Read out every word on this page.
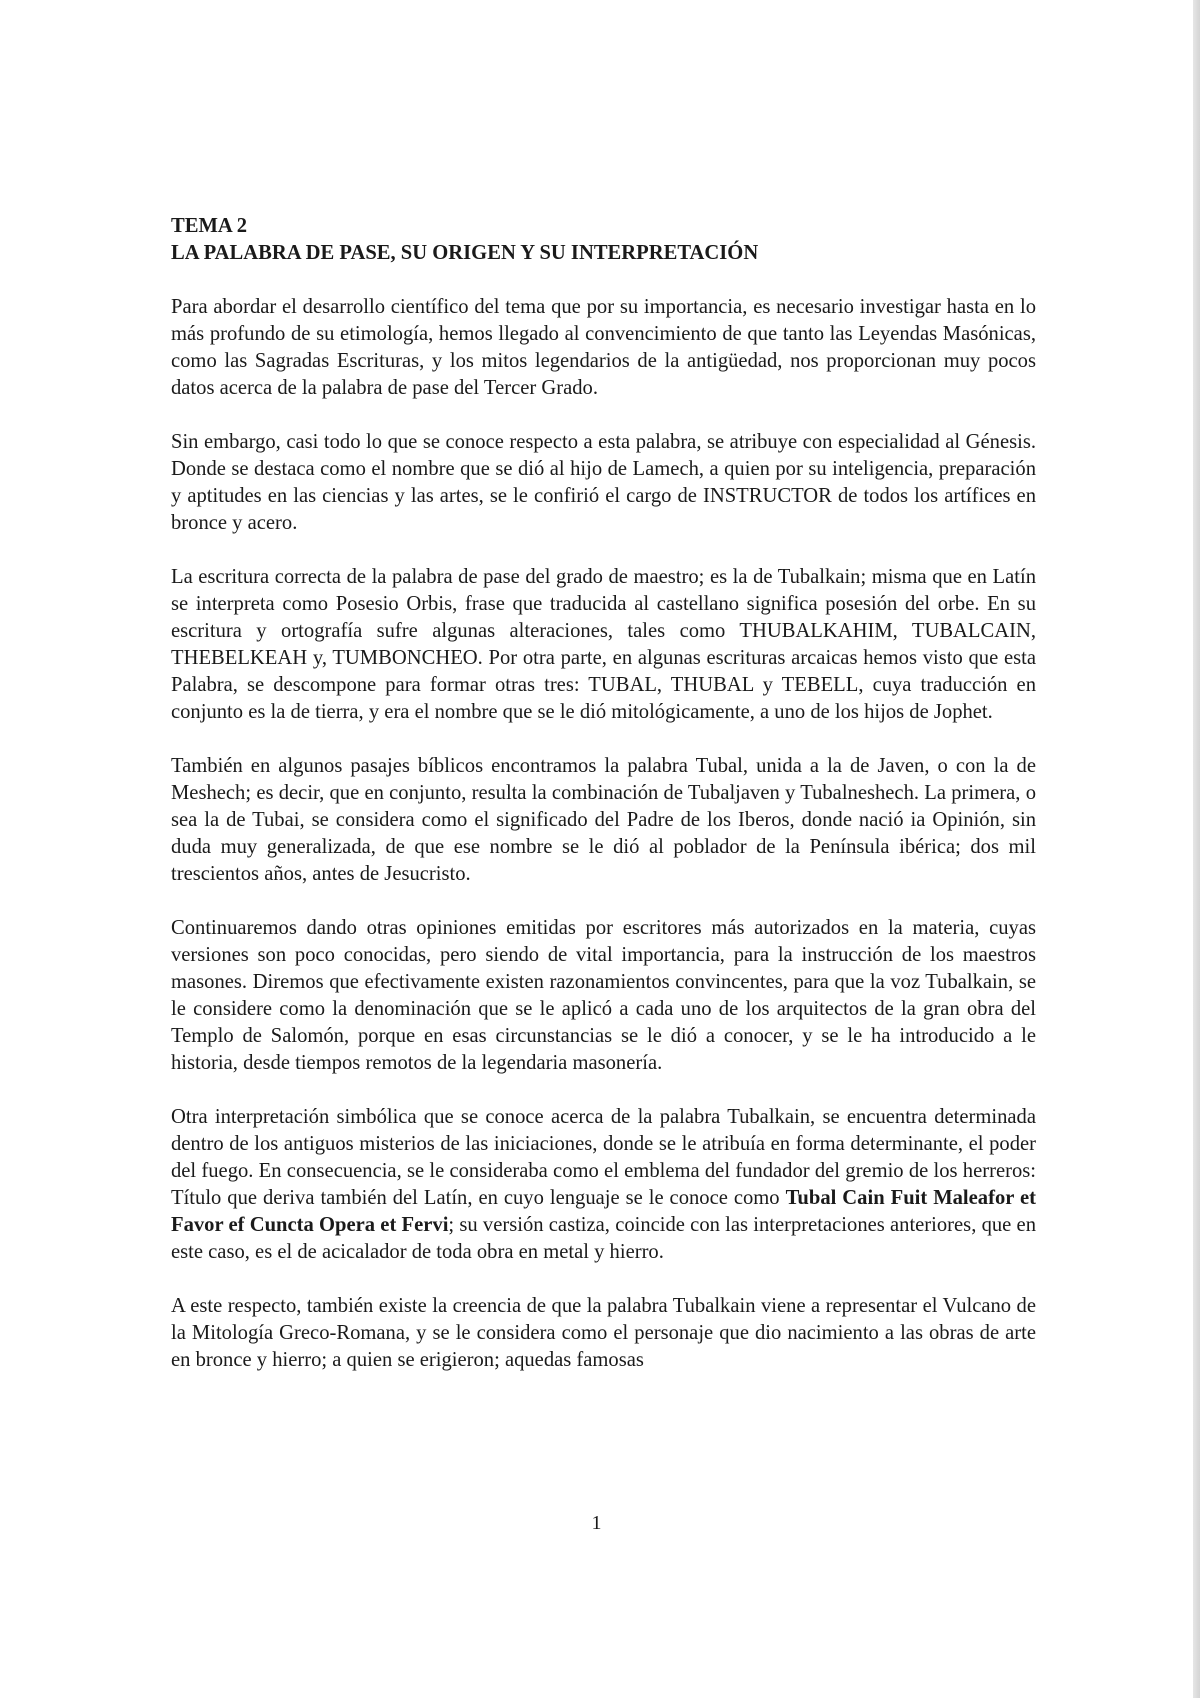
TEMA 2
LA PALABRA DE PASE, SU ORIGEN Y SU INTERPRETACIÓN

Para abordar el desarrollo científico del tema que por su importancia, es necesario investigar hasta en lo más profundo de su etimología, hemos llegado al convencimiento de que tanto las Leyendas Masónicas, como las Sagradas Escrituras, y los mitos legendarios de la antigüedad, nos proporcionan muy pocos datos acerca de la palabra de pase del Tercer Grado.

Sin embargo, casi todo lo que se conoce respecto a esta palabra, se atribuye con especialidad al Génesis. Donde se destaca como el nombre que se dió al hijo de Lamech, a quien por su inteligencia, preparación y aptitudes en las ciencias y las artes, se le confirió el cargo de INSTRUCTOR de todos los artífices en bronce y acero.

La escritura correcta de la palabra de pase del grado de maestro; es la de Tubalkain; misma que en Latín se interpreta como Posesio Orbis, frase que traducida al castellano significa posesión del orbe. En su escritura y ortografía sufre algunas alteraciones, tales como THUBALKAHIM, TUBALCAIN, THEBELKEAH y, TUMBONCHEO. Por otra parte, en algunas escrituras arcaicas hemos visto que esta Palabra, se descompone para formar otras tres: TUBAL, THUBAL y TEBELL, cuya traducción en conjunto es la de tierra, y era el nombre que se le dió mitológicamente, a uno de los hijos de Jophet.

También en algunos pasajes bíblicos encontramos la palabra Tubal, unida a la de Javen, o con la de Meshech; es decir, que en conjunto, resulta la combinación de Tubaljaven y Tubalneshech. La primera, o sea la de Tubai, se considera como el significado del Padre de los Iberos, donde nació ia Opinión, sin duda muy generalizada, de que ese nombre se le dió al poblador de la Península ibérica; dos mil trescientos años, antes de Jesucristo.

Continuaremos dando otras opiniones emitidas por escritores más autorizados en la materia, cuyas versiones son poco conocidas, pero siendo de vital importancia, para la instrucción de los maestros masones. Diremos que efectivamente existen razonamientos convincentes, para que la voz Tubalkain, se le considere como la denominación que se le aplicó a cada uno de los arquitectos de la gran obra del Templo de Salomón, porque en esas circunstancias se le dió a conocer, y se le ha introducido a le historia, desde tiempos remotos de la legendaria masonería.

Otra interpretación simbólica que se conoce acerca de la palabra Tubalkain, se encuentra determinada dentro de los antiguos misterios de las iniciaciones, donde se le atribuía en forma determinante, el poder del fuego. En consecuencia, se le consideraba como el emblema del fundador del gremio de los herreros: Título que deriva también del Latín, en cuyo lenguaje se le conoce como Tubal Cain Fuit Maleafor et Favor ef Cuncta Opera et Fervi; su versión castiza, coincide con las interpretaciones anteriores, que en este caso, es el de acicalador de toda obra en metal y hierro.

A este respecto, también existe la creencia de que la palabra Tubalkain viene a representar el Vulcano de la Mitología Greco-Romana, y se le considera como el personaje que dio nacimiento a las obras de arte en bronce y hierro; a quien se erigieron; aquedas famosas

1
